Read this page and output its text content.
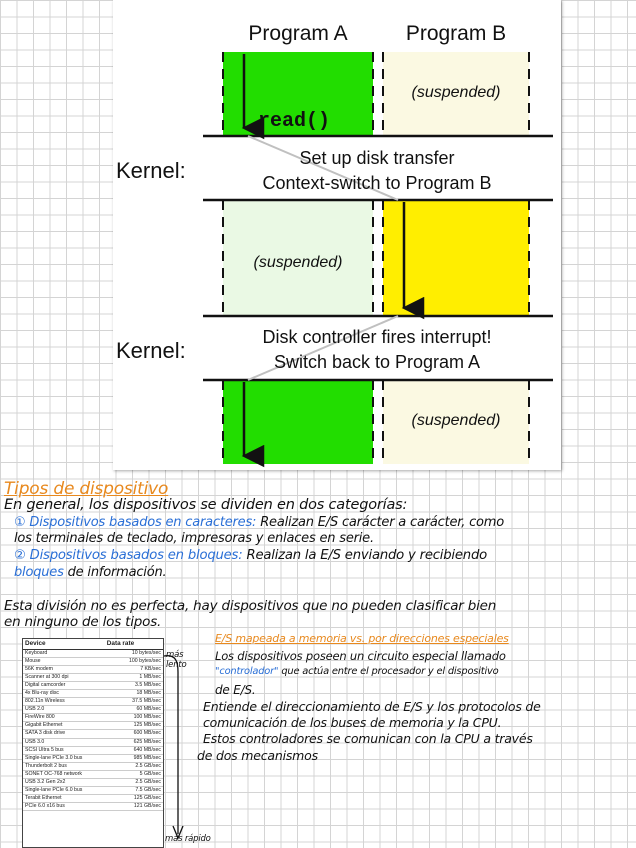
Program A	Program B
read()
(suspended)
(suspended)
(suspended)
Kernel:
Kernel:
Set up disk transfer
Context-switch to Program B
Disk controller fires interrupt!
Switch back to Program A
Tipos de dispositivo
En general, los dispositivos se dividen en dos categorías:
① Dispositivos basados en caracteres: Realizan E/S carácter a carácter, como
los terminales de teclado, impresoras y enlaces en serie.
② Dispositivos basados en bloques: Realizan la E/S enviando y recibiendo
bloques de información.
Esta división no es perfecta, hay dispositivos que no pueden clasificar bien
en ninguno de los tipos.
E/S mapeada a memoria vs. por direcciones especiales
Los dispositivos poseen un circuito especial llamado
"controlador" que actúa entre el procesador y el dispositivo
de E/S.
Entiende el direccionamiento de E/S y los protocolos de
comunicación de los buses de memoria y la CPU.
Estos controladores se comunican con la CPU a través
de dos mecanismos
más lento
más rápido
Device	Data rate
Keyboard	10 bytes/sec
Mouse	100 bytes/sec
56K modem	7 KB/sec
Scanner at 300 dpi	1 MB/sec
Digital camcorder	3.5 MB/sec
4x Blu-ray disc	18 MB/sec
802.11n Wireless	37.5 MB/sec
USB 2.0	60 MB/sec
FireWire 800	100 MB/sec
Gigabit Ethernet	125 MB/sec
SATA 3 disk drive	600 MB/sec
USB 3.0	625 MB/sec
SCSI Ultra 5 bus	640 MB/sec
Single-lane PCIe 3.0 bus	985 MB/sec
Thunderbolt 2 bus	2.5 GB/sec
SONET OC-768 network	5 GB/sec
USB 3.2 Gen 2x2	2.5 GB/sec
Single-lane PCIe 6.0 bus	7.5 GB/sec
Terabit Ethernet	125 GB/sec
PCIe 6.0 x16 bus	121 GB/sec
